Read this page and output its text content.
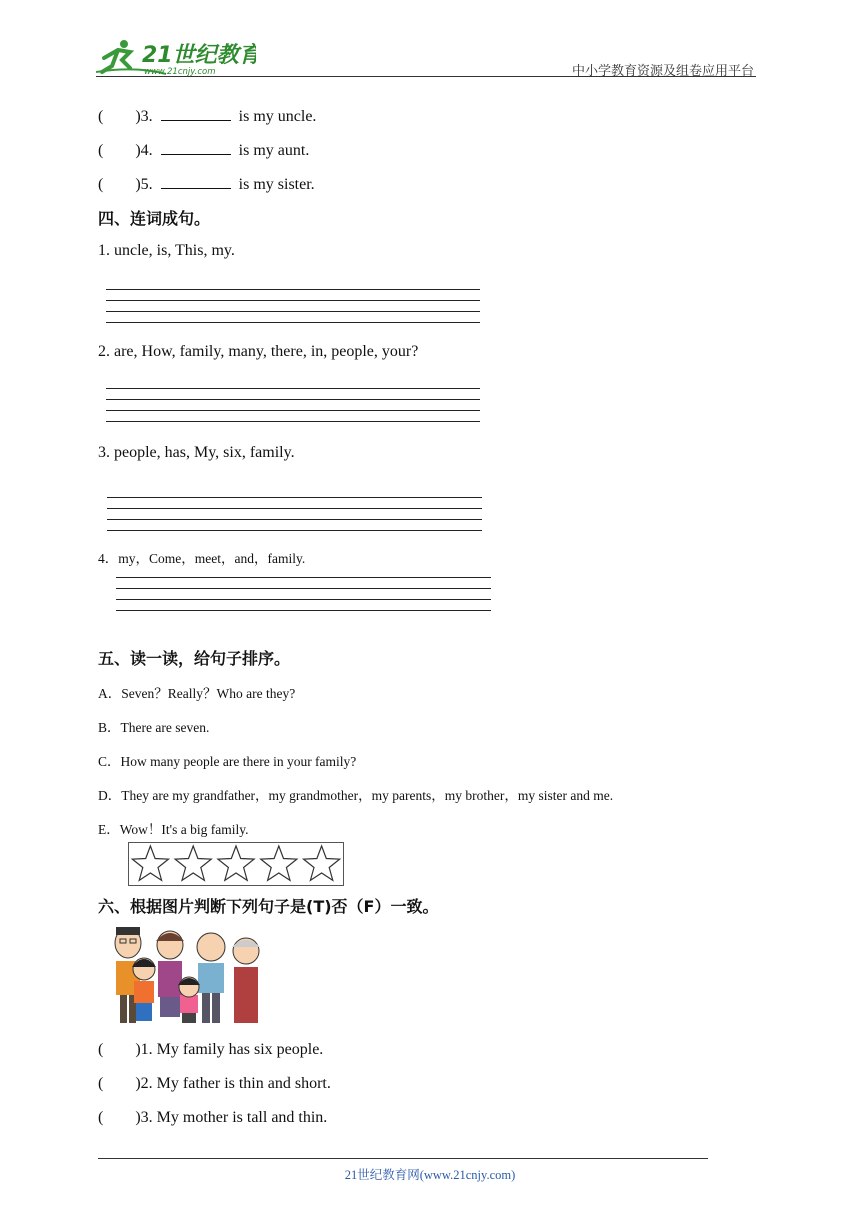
21世纪教育
www.21cnjy.com	中小学教育资源及组卷应用平台
(        )3.	is my uncle.
(        )4.	is my aunt.
(        )5.	is my sister.
四、连词成句。
1. uncle, is, This, my.
2. are, How, family, many, there, in, people, your?
3. people, has, My, six, family.
4．my，Come，meet，and，family.
五、读一读，给句子排序。
A．Seven？Really？Who are they?
B．There are seven.
C．How many people are there in your family?
D．They are my grandfather，my grandmother，my parents，my brother，my sister and me.
E．Wow！It's a big family.
六、根据图片判断下列句子是(T)否（F）一致。
(        )1. My family has six people.
(        )2. My father is thin and short.
(        )3. My mother is tall and thin.
21世纪教育网(www.21cnjy.com)
